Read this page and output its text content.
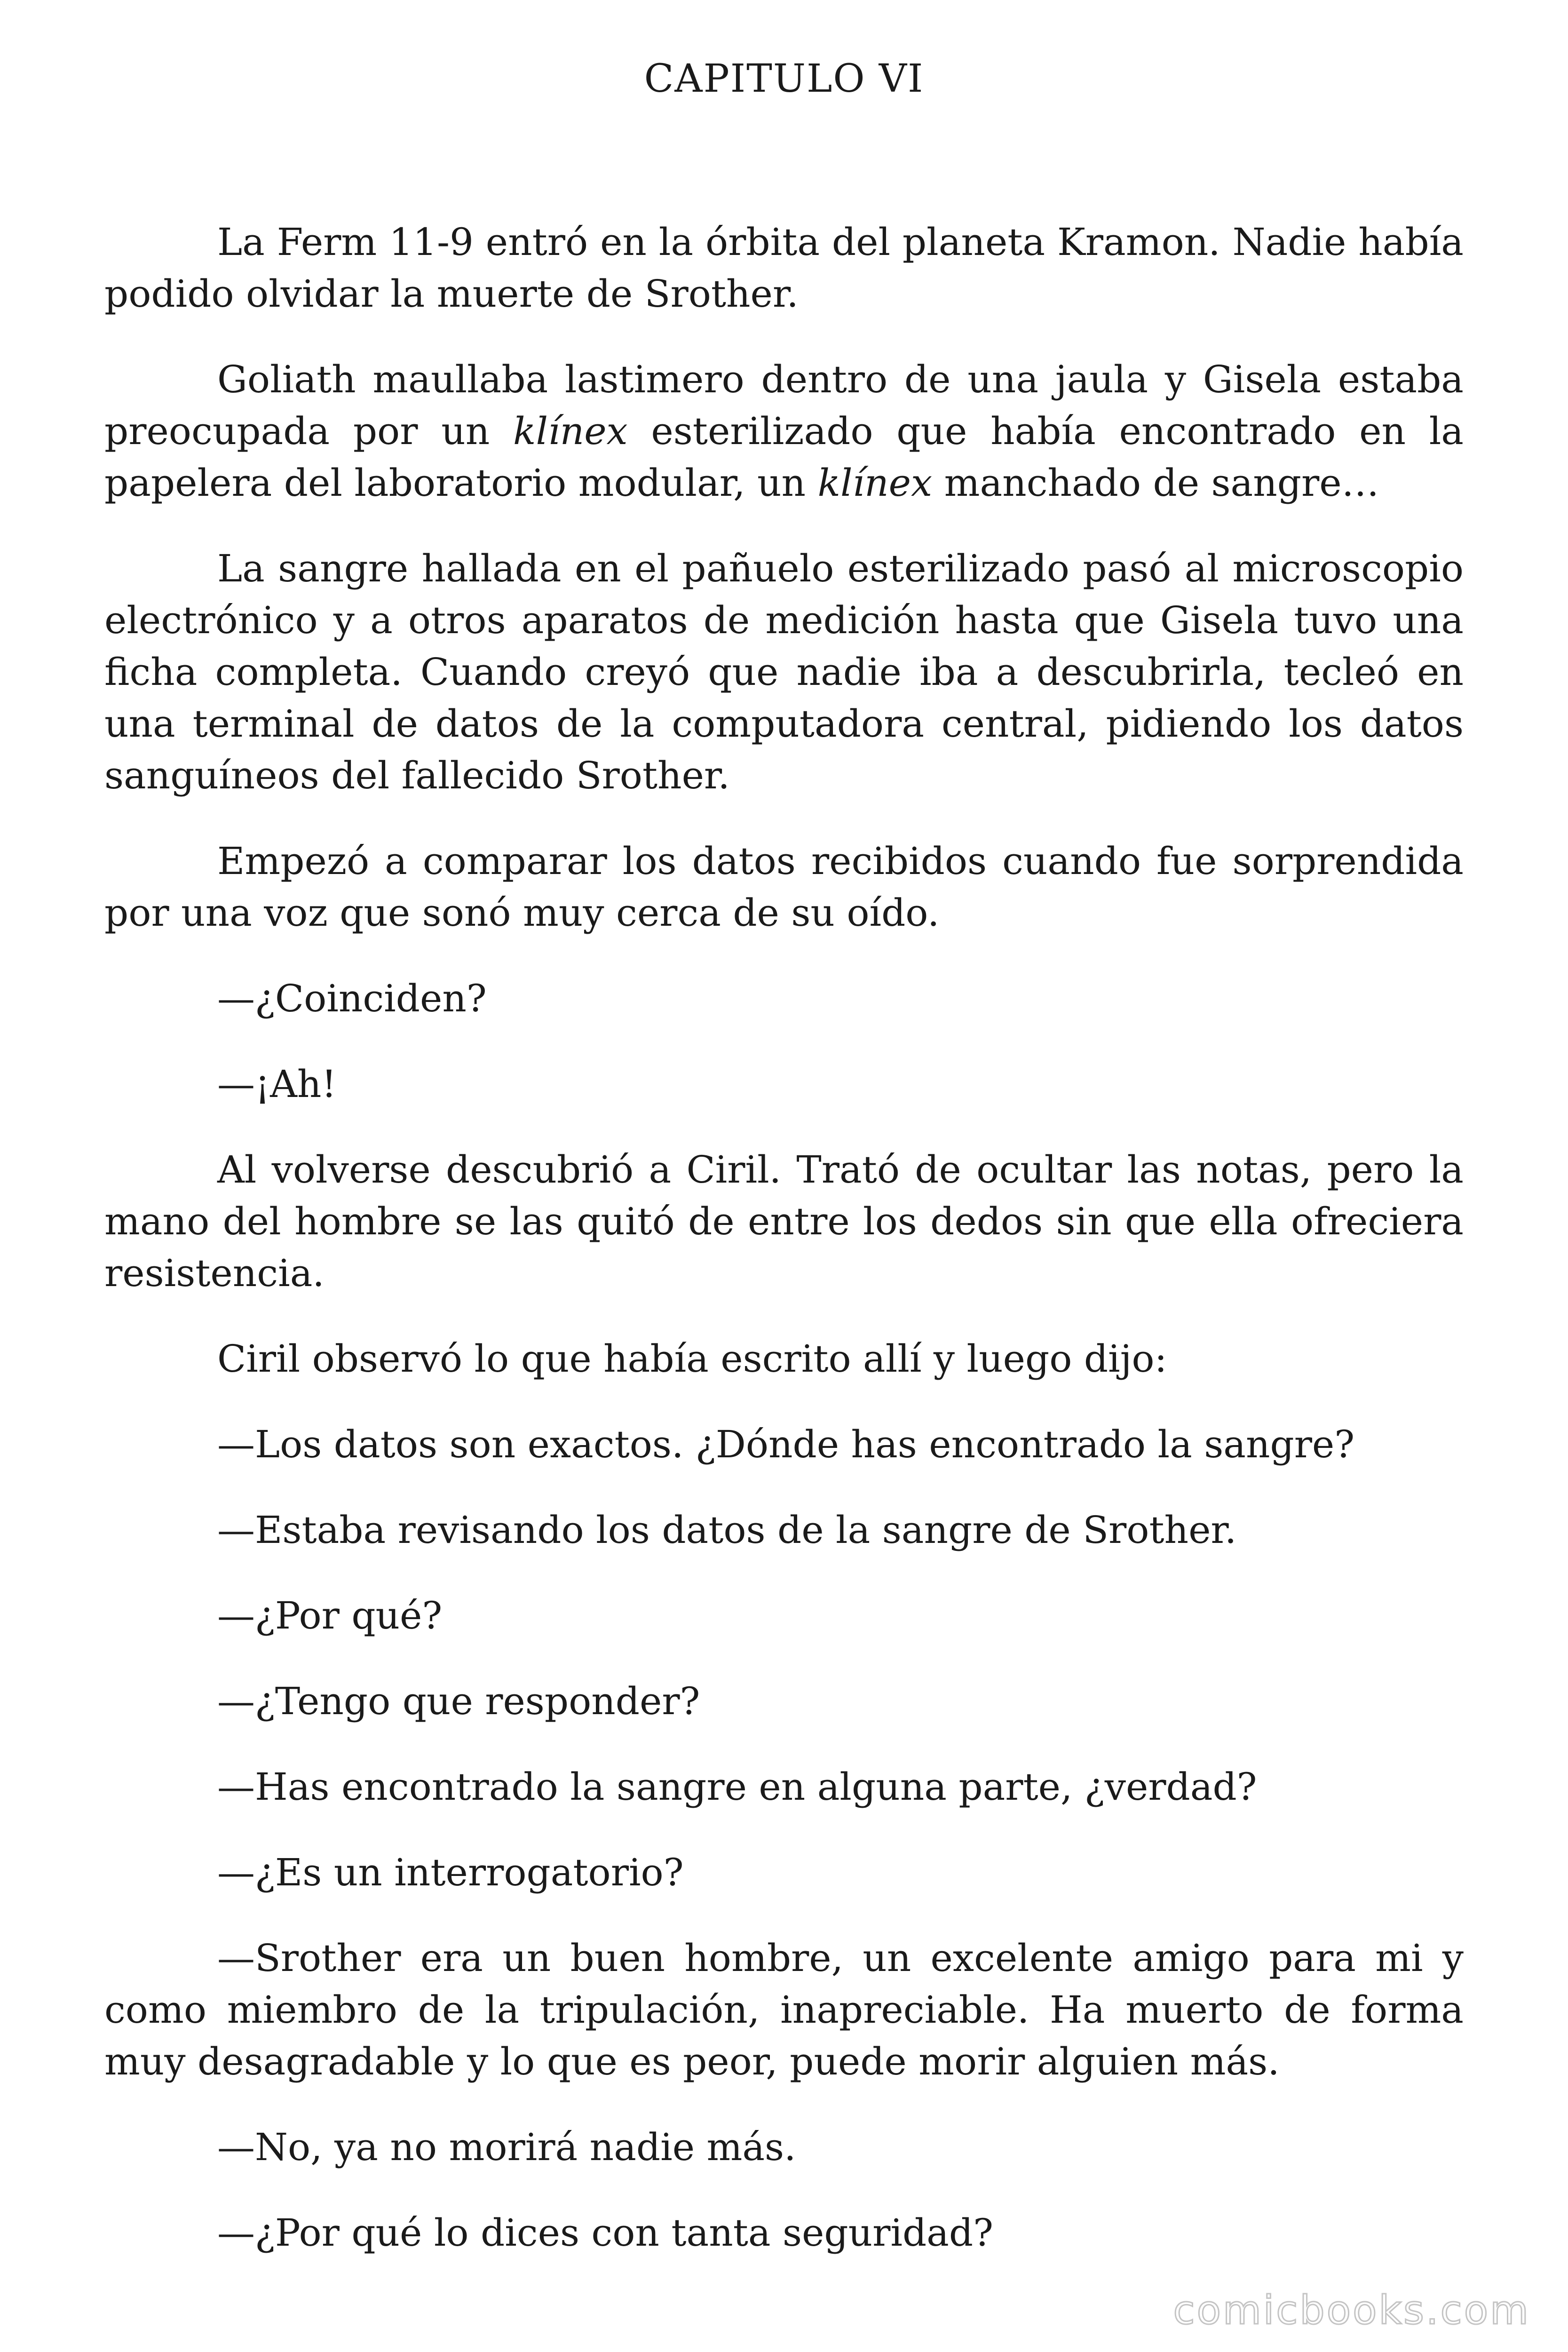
CAPITULO VI

La Ferm 11-9 entró en la órbita del planeta Kramon. Nadie había podido olvidar la muerte de Srother.

Goliath maullaba lastimero dentro de una jaula y Gisela estaba preocupada por un klínex esterilizado que había encontrado en la papelera del laboratorio modular, un klínex manchado de sangre…

La sangre hallada en el pañuelo esterilizado pasó al microscopio electrónico y a otros aparatos de medición hasta que Gisela tuvo una ficha completa. Cuando creyó que nadie iba a descubrirla, tecleó en una terminal de datos de la computadora central, pidiendo los datos sanguíneos del fallecido Srother.

Empezó a comparar los datos recibidos cuando fue sorprendida por una voz que sonó muy cerca de su oído.

—¿Coinciden?

—¡Ah!

Al volverse descubrió a Ciril. Trató de ocultar las notas, pero la mano del hombre se las quitó de entre los dedos sin que ella ofreciera resistencia.

Ciril observó lo que había escrito allí y luego dijo:

—Los datos son exactos. ¿Dónde has encontrado la sangre?

—Estaba revisando los datos de la sangre de Srother.

—¿Por qué?

—¿Tengo que responder?

—Has encontrado la sangre en alguna parte, ¿verdad?

—¿Es un interrogatorio?

—Srother era un buen hombre, un excelente amigo para mi y como miembro de la tripulación, inapreciable. Ha muerto de forma muy desagradable y lo que es peor, puede morir alguien más.

—No, ya no morirá nadie más.

—¿Por qué lo dices con tanta seguridad?

comicbooks.com
